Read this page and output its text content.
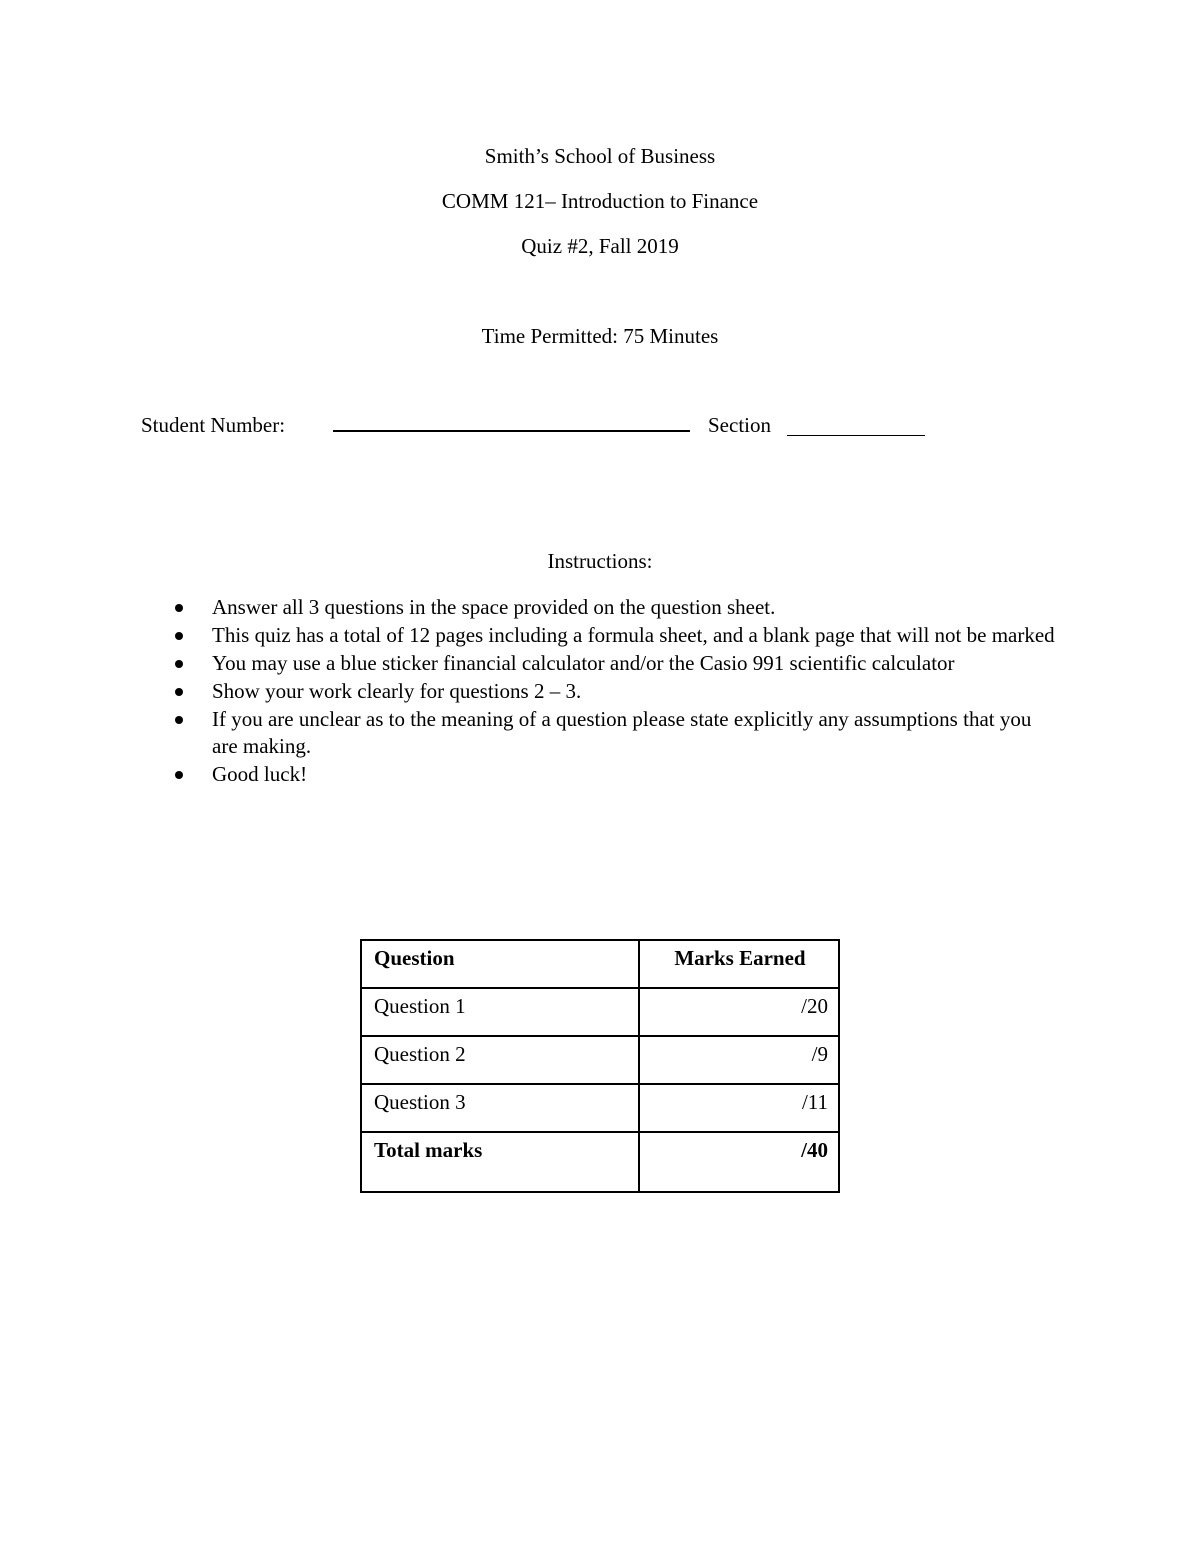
Smith’s School of Business
COMM 121– Introduction to Finance
Quiz #2, Fall 2019
Time Permitted: 75 Minutes
Student Number:	Section
Instructions:
Answer all 3 questions in the space provided on the question sheet.
This quiz has a total of 12 pages including a formula sheet, and a blank page that will not be marked
You may use a blue sticker financial calculator and/or the Casio 991 scientific calculator
Show your work clearly for questions 2 – 3.
If you are unclear as to the meaning of a question please state explicitly any assumptions that you are making.
Good luck!
Question	Marks Earned
Question 1	/20
Question 2	/9
Question 3	/11
Total marks	/40
